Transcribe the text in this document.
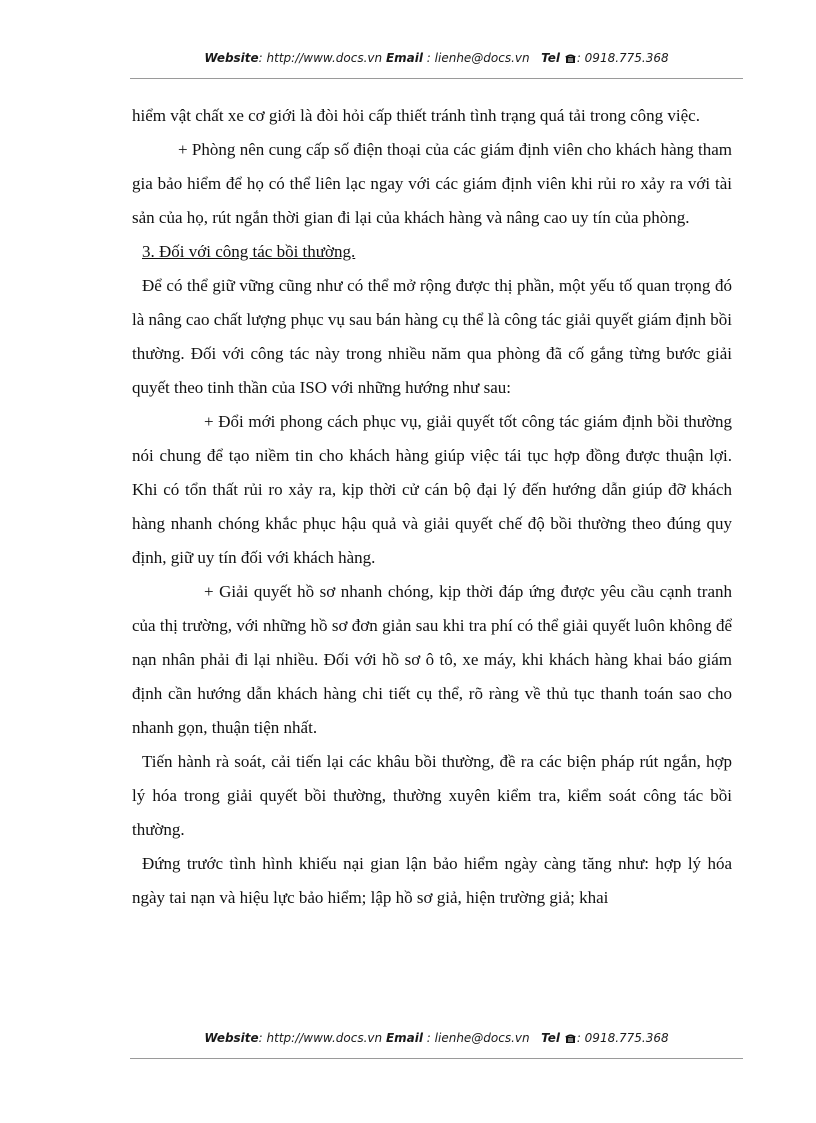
Website: http://www.docs.vn Email : lienhe@docs.vn Tel : 0918.775.368

hiểm vật chất xe cơ giới là đòi hỏi cấp thiết tránh tình trạng quá tải trong công việc.

+ Phòng nên cung cấp số điện thoại của các giám định viên cho khách hàng tham gia bảo hiểm để họ có thể liên lạc ngay với các giám định viên khi rủi ro xảy ra với tài sản của họ, rút ngắn thời gian đi lại của khách hàng và nâng cao uy tín của phòng.

3. Đối với công tác bồi thường.

Để có thể giữ vững cũng như có thể mở rộng được thị phần, một yếu tố quan trọng đó là nâng cao chất lượng phục vụ sau bán hàng cụ thể là công tác giải quyết giám định bồi thường. Đối với công tác này trong nhiều năm qua phòng đã cố gắng từng bước giải quyết theo tinh thần của ISO với những hướng như sau:

+ Đổi mới phong cách phục vụ, giải quyết tốt công tác giám định bồi thường nói chung để tạo niềm tin cho khách hàng giúp việc tái tục hợp đồng được thuận lợi. Khi có tổn thất rủi ro xảy ra, kịp thời cử cán bộ đại lý đến hướng dẫn giúp đỡ khách hàng nhanh chóng khắc phục hậu quả và giải quyết chế độ bồi thường theo đúng quy định, giữ uy tín đối với khách hàng.

+ Giải quyết hồ sơ nhanh chóng, kịp thời đáp ứng được yêu cầu cạnh tranh của thị trường, với những hồ sơ đơn giản sau khi tra phí có thể giải quyết luôn không để nạn nhân phải đi lại nhiều. Đối với hồ sơ ô tô, xe máy, khi khách hàng khai báo giám định cần hướng dẫn khách hàng chi tiết cụ thể, rõ ràng về thủ tục thanh toán sao cho nhanh gọn, thuận tiện nhất.

Tiến hành rà soát, cải tiến lại các khâu bồi thường, đề ra các biện pháp rút ngắn, hợp lý hóa trong giải quyết bồi thường, thường xuyên kiểm tra, kiểm soát công tác bồi thường.

Đứng trước tình hình khiếu nại gian lận bảo hiểm ngày càng tăng như: hợp lý hóa ngày tai nạn và hiệu lực bảo hiểm; lập hồ sơ giả, hiện trường giả; khai

Website: http://www.docs.vn Email : lienhe@docs.vn Tel : 0918.775.368
